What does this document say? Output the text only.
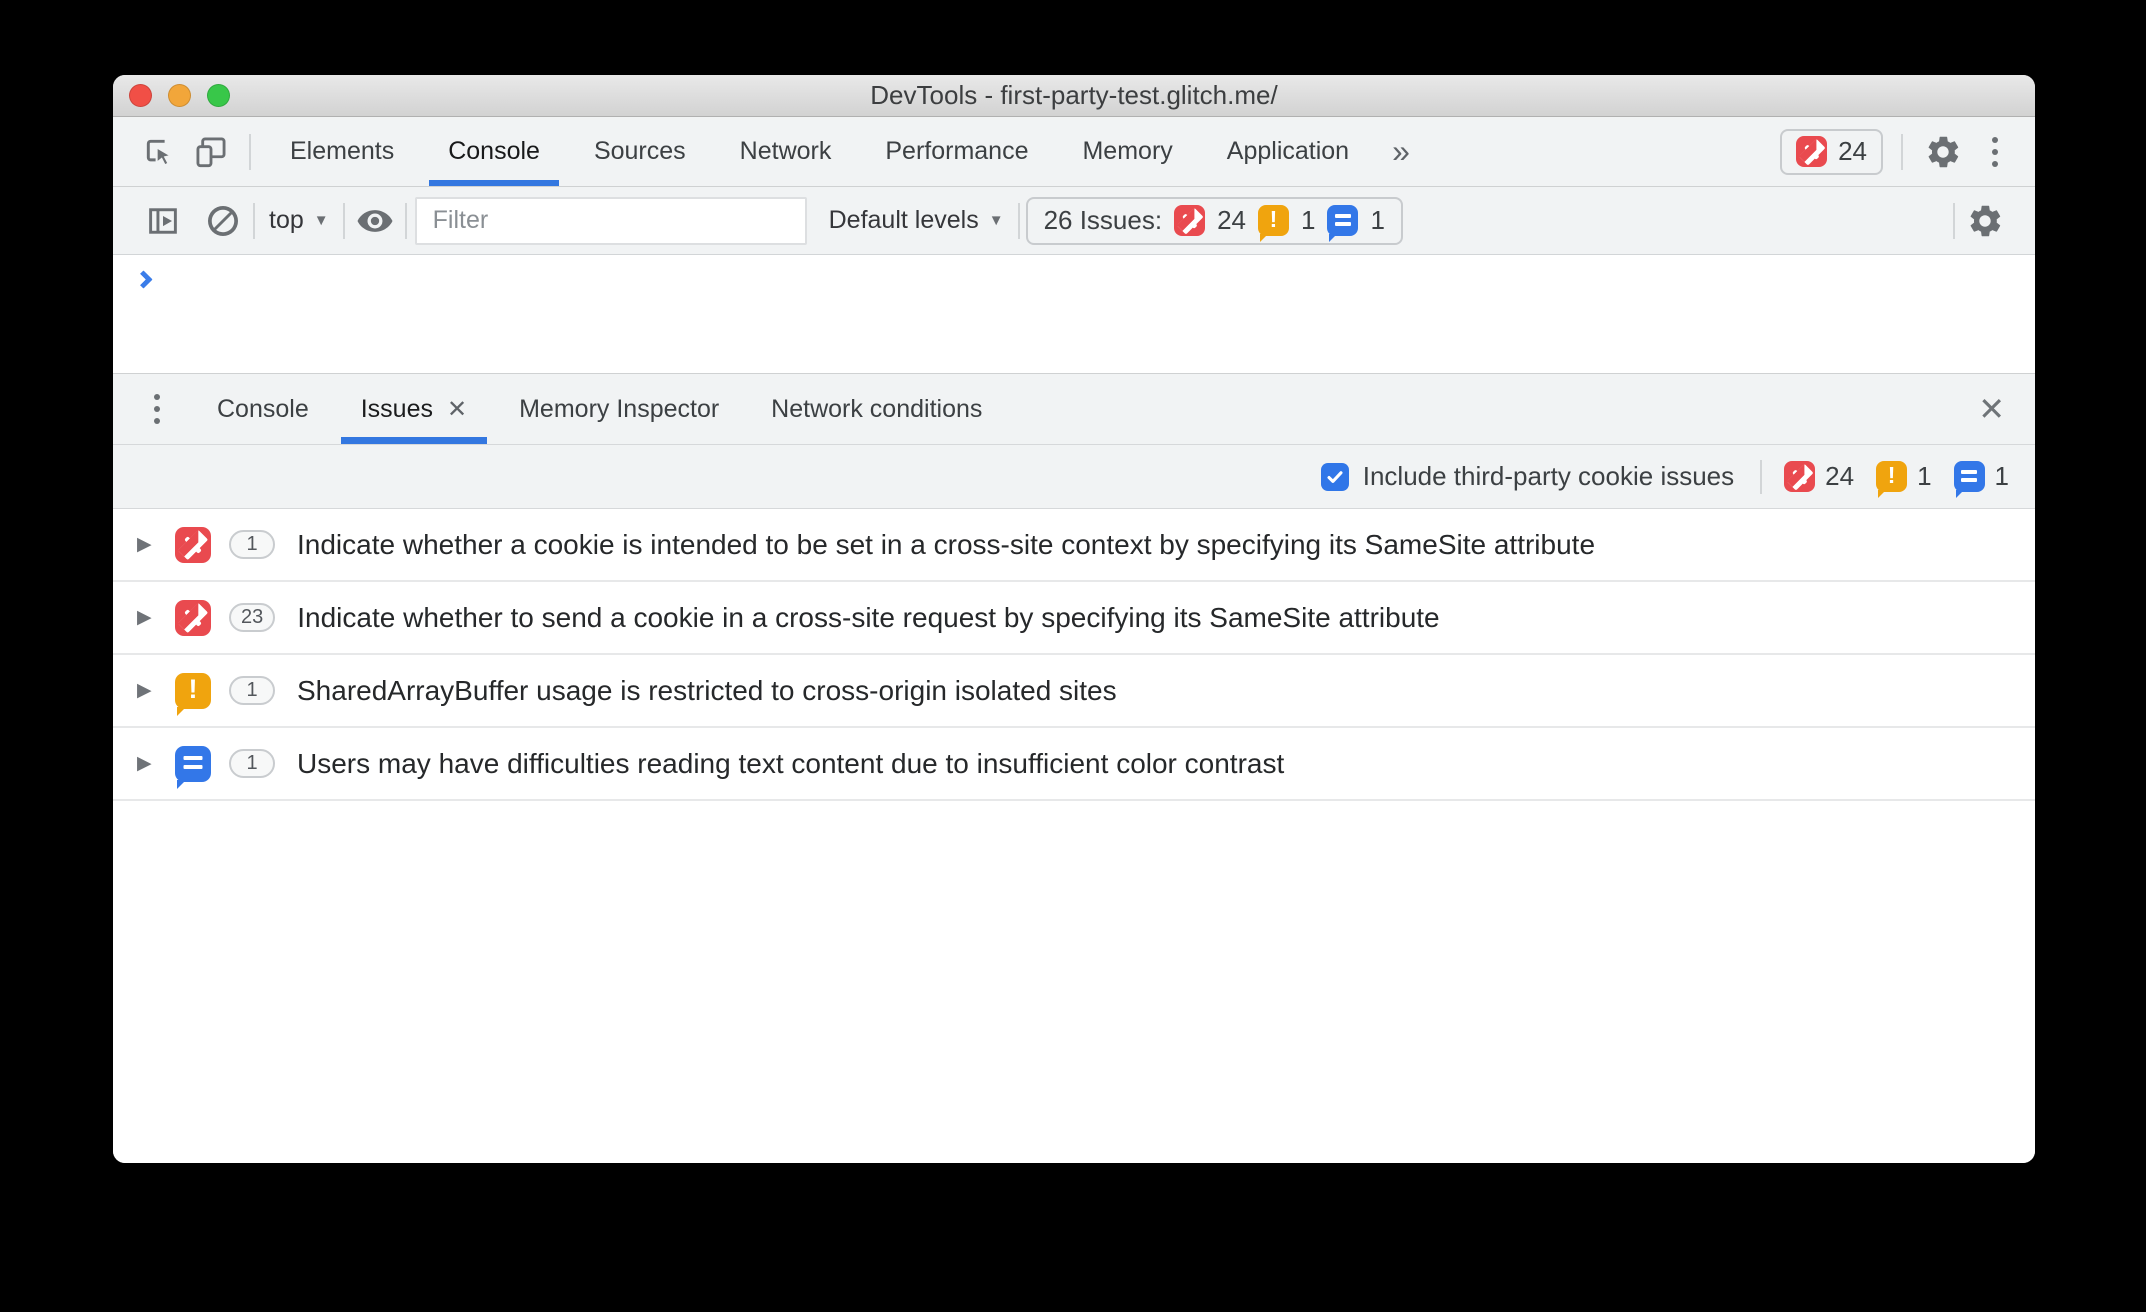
DevTools - first-party-test.glitch.me/
Elements Console Sources Network Performance Memory Application	»	24
top ▼
Filter	Default levels ▼ 26 Issues: 24 ! 1 1
Console Issues ✕ Memory Inspector Network conditions	✕
Include third-party cookie issues	24 ! 1 1
▶	1	Indicate whether a cookie is intended to be set in a cross-site context by specifying its SameSite attribute
▶	23	Indicate whether to send a cookie in a cross-site request by specifying its SameSite attribute
▶ !	1	SharedArrayBuffer usage is restricted to cross-origin isolated sites
▶	1	Users may have difficulties reading text content due to insufficient color contrast
